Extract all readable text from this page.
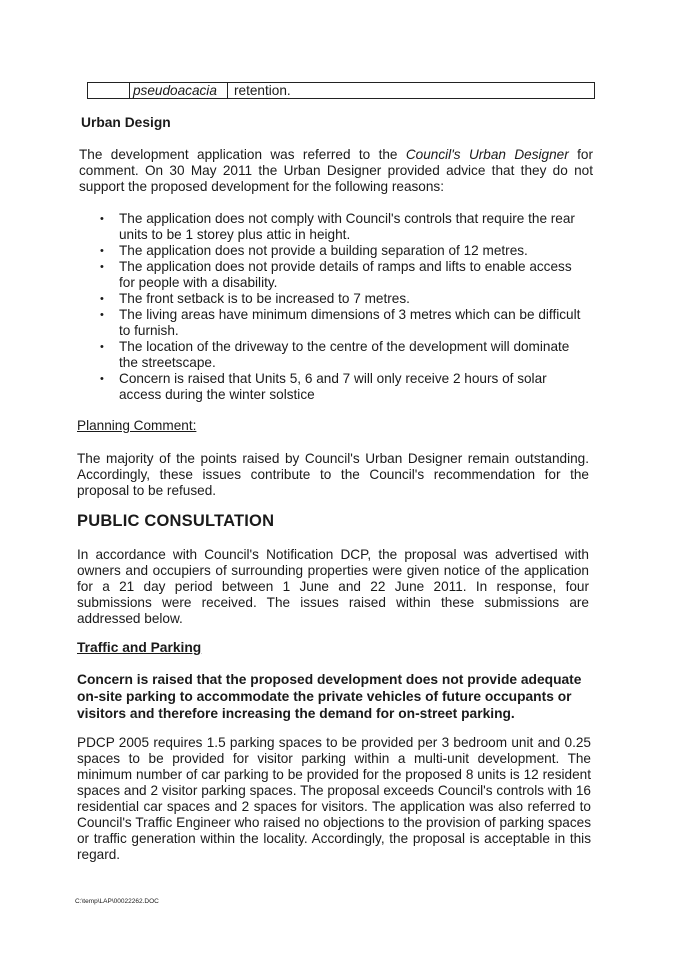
pseudoacacia	retention.
Urban Design
The development application was referred to the Council's Urban Designer for comment. On 30 May 2011 the Urban Designer provided advice that they do not support the proposed development for the following reasons:
• The application does not comply with Council's controls that require the rear units to be 1 storey plus attic in height.
• The application does not provide a building separation of 12 metres.
• The application does not provide details of ramps and lifts to enable access for people with a disability.
• The front setback is to be increased to 7 metres.
• The living areas have minimum dimensions of 3 metres which can be difficult to furnish.
• The location of the driveway to the centre of the development will dominate the streetscape.
• Concern is raised that Units 5, 6 and 7 will only receive 2 hours of solar access during the winter solstice
Planning Comment:
The majority of the points raised by Council's Urban Designer remain outstanding. Accordingly, these issues contribute to the Council's recommendation for the proposal to be refused.
PUBLIC CONSULTATION
In accordance with Council's Notification DCP, the proposal was advertised with owners and occupiers of surrounding properties were given notice of the application for a 21 day period between 1 June and 22 June 2011. In response, four submissions were received. The issues raised within these submissions are addressed below.
Traffic and Parking
Concern is raised that the proposed development does not provide adequate on-site parking to accommodate the private vehicles of future occupants or visitors and therefore increasing the demand for on-street parking.
PDCP 2005 requires 1.5 parking spaces to be provided per 3 bedroom unit and 0.25 spaces to be provided for visitor parking within a multi-unit development. The minimum number of car parking to be provided for the proposed 8 units is 12 resident spaces and 2 visitor parking spaces. The proposal exceeds Council's controls with 16 residential car spaces and 2 spaces for visitors. The application was also referred to Council's Traffic Engineer who raised no objections to the provision of parking spaces or traffic generation within the locality. Accordingly, the proposal is acceptable in this regard.
C:\temp\LAP\00022262.DOC
